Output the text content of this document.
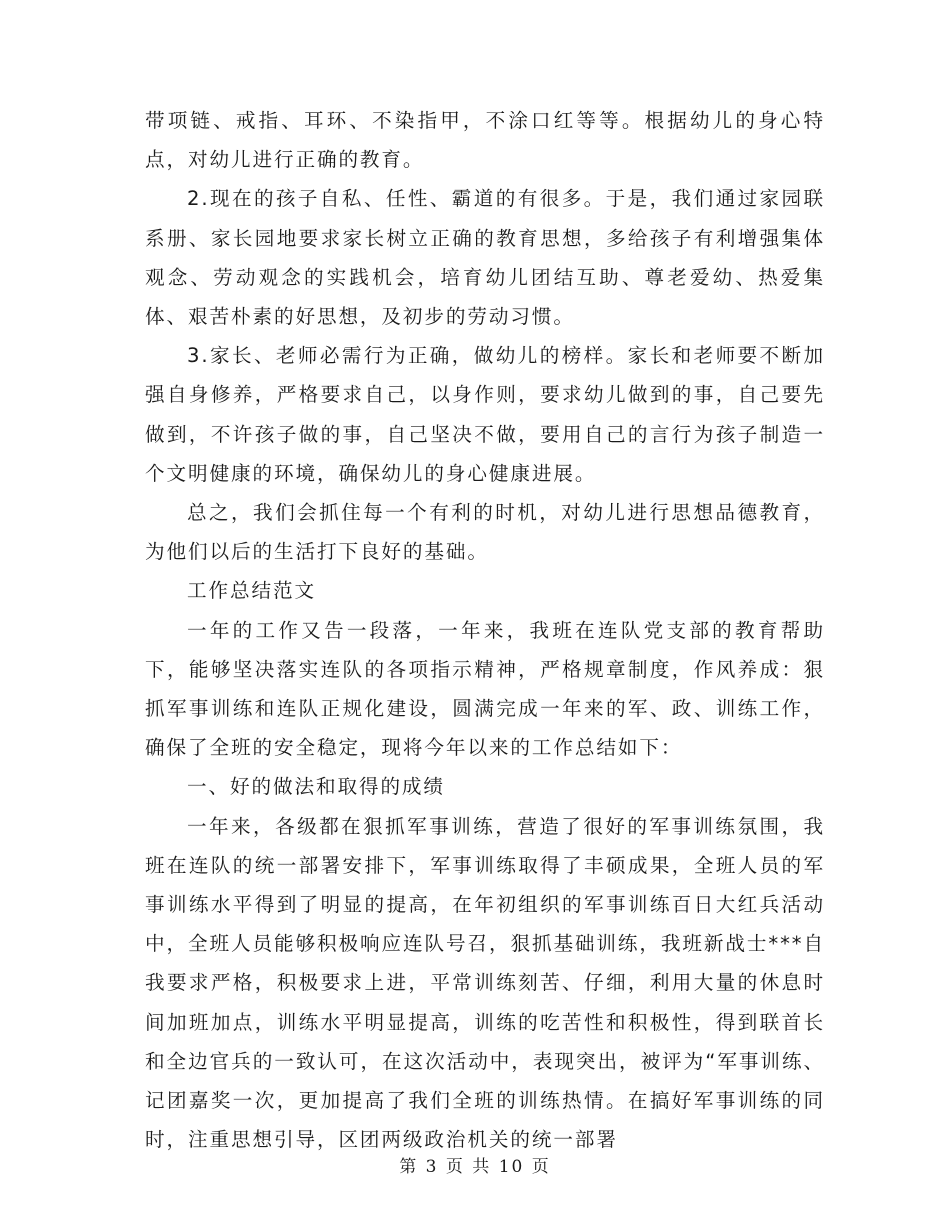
带项链、戒指、耳环、不染指甲，不涂口红等等。根据幼儿的身心特点，对幼儿进行正确的教育。

2.现在的孩子自私、任性、霸道的有很多。于是，我们通过家园联系册、家长园地要求家长树立正确的教育思想，多给孩子有利增强集体观念、劳动观念的实践机会，培育幼儿团结互助、尊老爱幼、热爱集体、艰苦朴素的好思想，及初步的劳动习惯。

3.家长、老师必需行为正确，做幼儿的榜样。家长和老师要不断加强自身修养，严格要求自己，以身作则，要求幼儿做到的事，自己要先做到，不许孩子做的事，自己坚决不做，要用自己的言行为孩子制造一个文明健康的环境，确保幼儿的身心健康进展。

总之，我们会抓住每一个有利的时机，对幼儿进行思想品德教育，为他们以后的生活打下良好的基础。

工作总结范文

一年的工作又告一段落，一年来，我班在连队党支部的教育帮助下，能够坚决落实连队的各项指示精神，严格规章制度，作风养成：狠抓军事训练和连队正规化建设，圆满完成一年来的军、政、训练工作，确保了全班的安全稳定，现将今年以来的工作总结如下：

一、好的做法和取得的成绩

一年来，各级都在狠抓军事训练，营造了很好的军事训练氛围，我班在连队的统一部署安排下，军事训练取得了丰硕成果，全班人员的军事训练水平得到了明显的提高，在年初组织的军事训练百日大红兵活动中，全班人员能够积极响应连队号召，狠抓基础训练，我班新战士***自我要求严格，积极要求上进，平常训练刻苦、仔细，利用大量的休息时间加班加点，训练水平明显提高，训练的吃苦性和积极性，得到联首长和全边官兵的一致认可，在这次活动中，表现突出，被评为“军事训练、记团嘉奖一次，更加提高了我们全班的训练热情。在搞好军事训练的同时，注重思想引导，区团两级政治机关的统一部署

第 3 页 共 10 页
